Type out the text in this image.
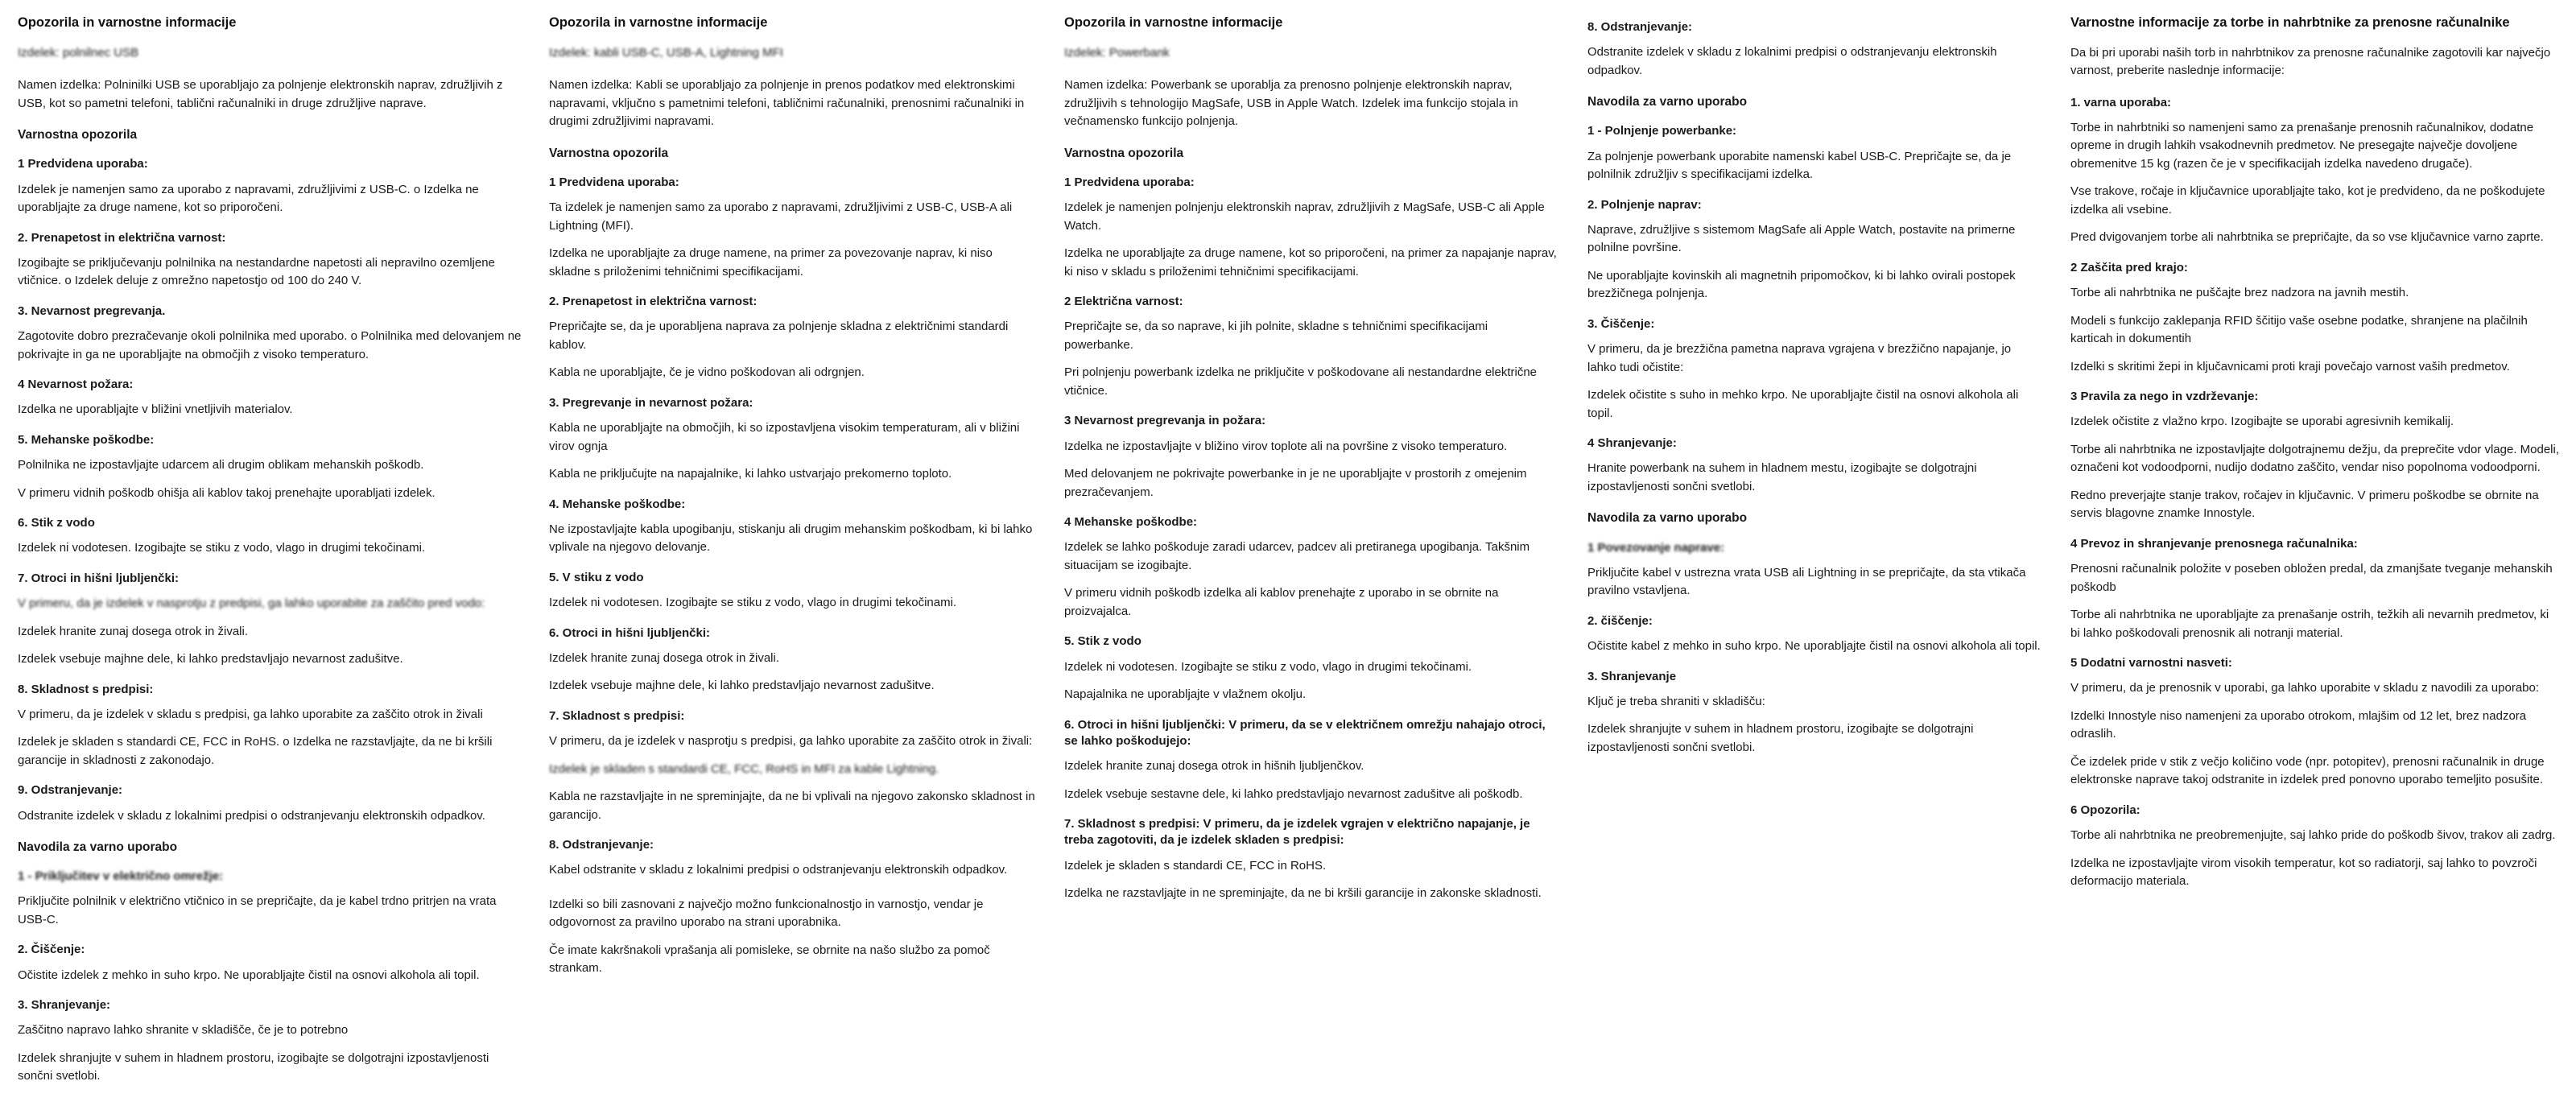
Opozorila in varnostne informacije

Izdelek: polnilnec USB

Namen izdelka: Polninilki USB se uporabljajo za polnjenje elektronskih naprav, združljivih z USB, kot so pametni telefoni, tablični računalniki in druge združljive naprave.

Varnostna opozorila
1 Predvidena uporaba:

Izdelek je namenjen samo za uporabo z napravami, združljivimi z USB-C. o Izdelka ne uporabljajte za druge namene, kot so priporočeni.

2. Prenapetost in električna varnost:

Izogibajte se priključevanju polnilnika na nestandardne napetosti ali nepravilno ozemljene vtičnice. o Izdelek deluje z omrežno napetostjo od 100 do 240 V.

3. Nevarnost pregrevanja.

Zagotovite dobro prezračevanje okoli polnilnika med uporabo. o Polnilnika med delovanjem ne pokrivajte in ga ne uporabljajte na območjih z visoko temperaturo.

4 Nevarnost požara:

Izdelka ne uporabljajte v bližini vnetljivih materialov.

5. Mehanske poškodbe:

Polnilnika ne izpostavljajte udarcem ali drugim oblikam mehanskih poškodb.

V primeru vidnih poškodb ohišja ali kablov takoj prenehajte uporabljati izdelek.

6. Stik z vodo

Izdelek ni vodotesen. Izogibajte se stiku z vodo, vlago in drugimi tekočinami.

7. Otroci in hišni ljubljenčki:

V primeru, da je izdelek v nasprotju z predpisi, ga lahko uporabite za zaščito pred vodo:

Izdelek hranite zunaj dosega otrok in živali.

Izdelek vsebuje majhne dele, ki lahko predstavljajo nevarnost zadušitve.

8. Skladnost s predpisi:

V primeru, da je izdelek v skladu s predpisi, ga lahko uporabite za zaščito otrok in živali

Izdelek je skladen s standardi CE, FCC in RoHS. o Izdelka ne razstavljajte, da ne bi kršili garancije in skladnosti z zakonodajo.

9. Odstranjevanje:

Odstranite izdelek v skladu z lokalnimi predpisi o odstranjevanju elektronskih odpadkov.

Navodila za varno uporabo
1 - Priključitev v električno omrežje:

Priključite polnilnik v električno vtičnico in se prepričajte, da je kabel trdno pritrjen na vrata USB-C.

2. Čiščenje:

Očistite izdelek z mehko in suho krpo. Ne uporabljajte čistil na osnovi alkohola ali topil.

3. Shranjevanje:

Zaščitno napravo lahko shranite v skladišče, če je to potrebno

Izdelek shranjujte v suhem in hladnem prostoru, izogibajte se dolgotrajni izpostavljenosti sončni svetlobi.

Opozorila in varnostne informacije

Izdelek: kabli USB-C, USB-A, Lightning MFI

Namen izdelka: Kabli se uporabljajo za polnjenje in prenos podatkov med elektronskimi napravami, vključno s pametnimi telefoni, tabličnimi računalniki, prenosnimi računalniki in drugimi združljivimi napravami.

Varnostna opozorila
1 Predvidena uporaba:

Ta izdelek je namenjen samo za uporabo z napravami, združljivimi z USB-C, USB-A ali Lightning (MFI).

Izdelka ne uporabljajte za druge namene, na primer za povezovanje naprav, ki niso skladne s priloženimi tehničnimi specifikacijami.

2. Prenapetost in električna varnost:

Prepričajte se, da je uporabljena naprava za polnjenje skladna z električnimi standardi kablov.

Kabla ne uporabljajte, če je vidno poškodovan ali odrgnjen.

3. Pregrevanje in nevarnost požara:

Kabla ne uporabljajte na območjih, ki so izpostavljena visokim temperaturam, ali v bližini virov ognja

Kabla ne priključujte na napajalnike, ki lahko ustvarjajo prekomerno toploto.

4. Mehanske poškodbe:

Ne izpostavljajte kabla upogibanju, stiskanju ali drugim mehanskim poškodbam, ki bi lahko vplivale na njegovo delovanje.

5. V stiku z vodo

Izdelek ni vodotesen. Izogibajte se stiku z vodo, vlago in drugimi tekočinami.

6. Otroci in hišni ljubljenčki:

Izdelek hranite zunaj dosega otrok in živali.

Izdelek vsebuje majhne dele, ki lahko predstavljajo nevarnost zadušitve.

7. Skladnost s predpisi:

V primeru, da je izdelek v nasprotju s predpisi, ga lahko uporabite za zaščito otrok in živali:

Izdelek je skladen s standardi CE, FCC, RoHS in MFI za kable Lightning.

Kabla ne razstavljajte in ne spreminjajte, da ne bi vplivali na njegovo zakonsko skladnost in garancijo.

8. Odstranjevanje:

Kabel odstranite v skladu z lokalnimi predpisi o odstranjevanju elektronskih odpadkov.

Izdelki so bili zasnovani z največjo možno funkcionalnostjo in varnostjo, vendar je odgovornost za pravilno uporabo na strani uporabnika.

Če imate kakršnakoli vprašanja ali pomisleke, se obrnite na našo službo za pomoč strankam.

Opozorila in varnostne informacije

Izdelek: Powerbank

Namen izdelka: Powerbank se uporablja za prenosno polnjenje elektronskih naprav, združljivih s tehnologijo MagSafe, USB in Apple Watch. Izdelek ima funkcijo stojala in večnamensko funkcijo polnjenja.

Varnostna opozorila
1 Predvidena uporaba:

Izdelek je namenjen polnjenju elektronskih naprav, združljivih z MagSafe, USB-C ali Apple Watch.

Izdelka ne uporabljajte za druge namene, kot so priporočeni, na primer za napajanje naprav, ki niso v skladu s priloženimi tehničnimi specifikacijami.

2 Električna varnost:

Prepričajte se, da so naprave, ki jih polnite, skladne s tehničnimi specifikacijami powerbanke.

Pri polnjenju powerbank izdelka ne priključite v poškodovane ali nestandardne električne vtičnice.

3 Nevarnost pregrevanja in požara:

Izdelka ne izpostavljajte v bližino virov toplote ali na površine z visoko temperaturo.

Med delovanjem ne pokrivajte powerbanke in je ne uporabljajte v prostorih z omejenim prezračevanjem.

4 Mehanske poškodbe:

Izdelek se lahko poškoduje zaradi udarcev, padcev ali pretiranega upogibanja. Takšnim situacijam se izogibajte.

V primeru vidnih poškodb izdelka ali kablov prenehajte z uporabo in se obrnite na proizvajalca.

5. Stik z vodo

Izdelek ni vodotesen. Izogibajte se stiku z vodo, vlago in drugimi tekočinami.

Napajalnika ne uporabljajte v vlažnem okolju.

6. Otroci in hišni ljubljenčki: V primeru, da se v električnem omrežju nahajajo otroci, se lahko poškodujejo:

Izdelek hranite zunaj dosega otrok in hišnih ljubljenčkov.

Izdelek vsebuje sestavne dele, ki lahko predstavljajo nevarnost zadušitve ali poškodb.

7. Skladnost s predpisi: V primeru, da je izdelek vgrajen v električno napajanje, je treba zagotoviti, da je izdelek skladen s predpisi:

Izdelek je skladen s standardi CE, FCC in RoHS.

Izdelka ne razstavljajte in ne spreminjajte, da ne bi kršili garancije in zakonske skladnosti.

8. Odstranjevanje:

Odstranite izdelek v skladu z lokalnimi predpisi o odstranjevanju elektronskih odpadkov.

Navodila za varno uporabo
1 - Polnjenje powerbanke:

Za polnjenje powerbank uporabite namenski kabel USB-C. Prepričajte se, da je polnilnik združljiv s specifikacijami izdelka.

2. Polnjenje naprav:

Naprave, združljive s sistemom MagSafe ali Apple Watch, postavite na primerne polnilne površine.

Ne uporabljajte kovinskih ali magnetnih pripomočkov, ki bi lahko ovirali postopek brezžičnega polnjenja.

3. Čiščenje:

V primeru, da je brezžična pametna naprava vgrajena v brezžično napajanje, jo lahko tudi očistite:

Izdelek očistite s suho in mehko krpo. Ne uporabljajte čistil na osnovi alkohola ali topil.

4 Shranjevanje:

Hranite powerbank na suhem in hladnem mestu, izogibajte se dolgotrajni izpostavljenosti sončni svetlobi.

Navodila za varno uporabo
1 Povezovanje naprave:

Priključite kabel v ustrezna vrata USB ali Lightning in se prepričajte, da sta vtikača pravilno vstavljena.

2. čiščenje:

Očistite kabel z mehko in suho krpo. Ne uporabljajte čistil na osnovi alkohola ali topil.

3. Shranjevanje

Ključ je treba shraniti v skladišču:

Izdelek shranjujte v suhem in hladnem prostoru, izogibajte se dolgotrajni izpostavljenosti sončni svetlobi.

Varnostne informacije za torbe in nahrbtnike za prenosne računalnike

Da bi pri uporabi naših torb in nahrbtnikov za prenosne računalnike zagotovili kar največjo varnost, preberite naslednje informacije:

1. varna uporaba:

Torbe in nahrbtniki so namenjeni samo za prenašanje prenosnih računalnikov, dodatne opreme in drugih lahkih vsakodnevnih predmetov. Ne presegajte največje dovoljene obremenitve 15 kg (razen če je v specifikacijah izdelka navedeno drugače).

Vse trakove, ročaje in ključavnice uporabljajte tako, kot je predvideno, da ne poškodujete izdelka ali vsebine.

Pred dvigovanjem torbe ali nahrbtnika se prepričajte, da so vse ključavnice varno zaprte.

2 Zaščita pred krajo:

Torbe ali nahrbtnika ne puščajte brez nadzora na javnih mestih.

Modeli s funkcijo zaklepanja RFID ščitijo vaše osebne podatke, shranjene na plačilnih karticah in dokumentih

Izdelki s skritimi žepi in ključavnicami proti kraji povečajo varnost vaših predmetov.

3 Pravila za nego in vzdrževanje:

Izdelek očistite z vlažno krpo. Izogibajte se uporabi agresivnih kemikalij.

Torbe ali nahrbtnika ne izpostavljajte dolgotrajnemu dežju, da preprečite vdor vlage. Modeli, označeni kot vodoodporni, nudijo dodatno zaščito, vendar niso popolnoma vodoodporni.

Redno preverjajte stanje trakov, ročajev in ključavnic. V primeru poškodbe se obrnite na servis blagovne znamke Innostyle.

4 Prevoz in shranjevanje prenosnega računalnika:

Prenosni računalnik položite v poseben obložen predal, da zmanjšate tveganje mehanskih poškodb

Torbe ali nahrbtnika ne uporabljajte za prenašanje ostrih, težkih ali nevarnih predmetov, ki bi lahko poškodovali prenosnik ali notranji material.

5 Dodatni varnostni nasveti:

V primeru, da je prenosnik v uporabi, ga lahko uporabite v skladu z navodili za uporabo:

Izdelki Innostyle niso namenjeni za uporabo otrokom, mlajšim od 12 let, brez nadzora odraslih.

Če izdelek pride v stik z večjo količino vode (npr. potopitev), prenosni računalnik in druge elektronske naprave takoj odstranite in izdelek pred ponovno uporabo temeljito posušite.

6 Opozorila:

Torbe ali nahrbtnika ne preobremenjujte, saj lahko pride do poškodb šivov, trakov ali zadrg.

Izdelka ne izpostavljajte virom visokih temperatur, kot so radiatorji, saj lahko to povzroči deformacijo materiala.
